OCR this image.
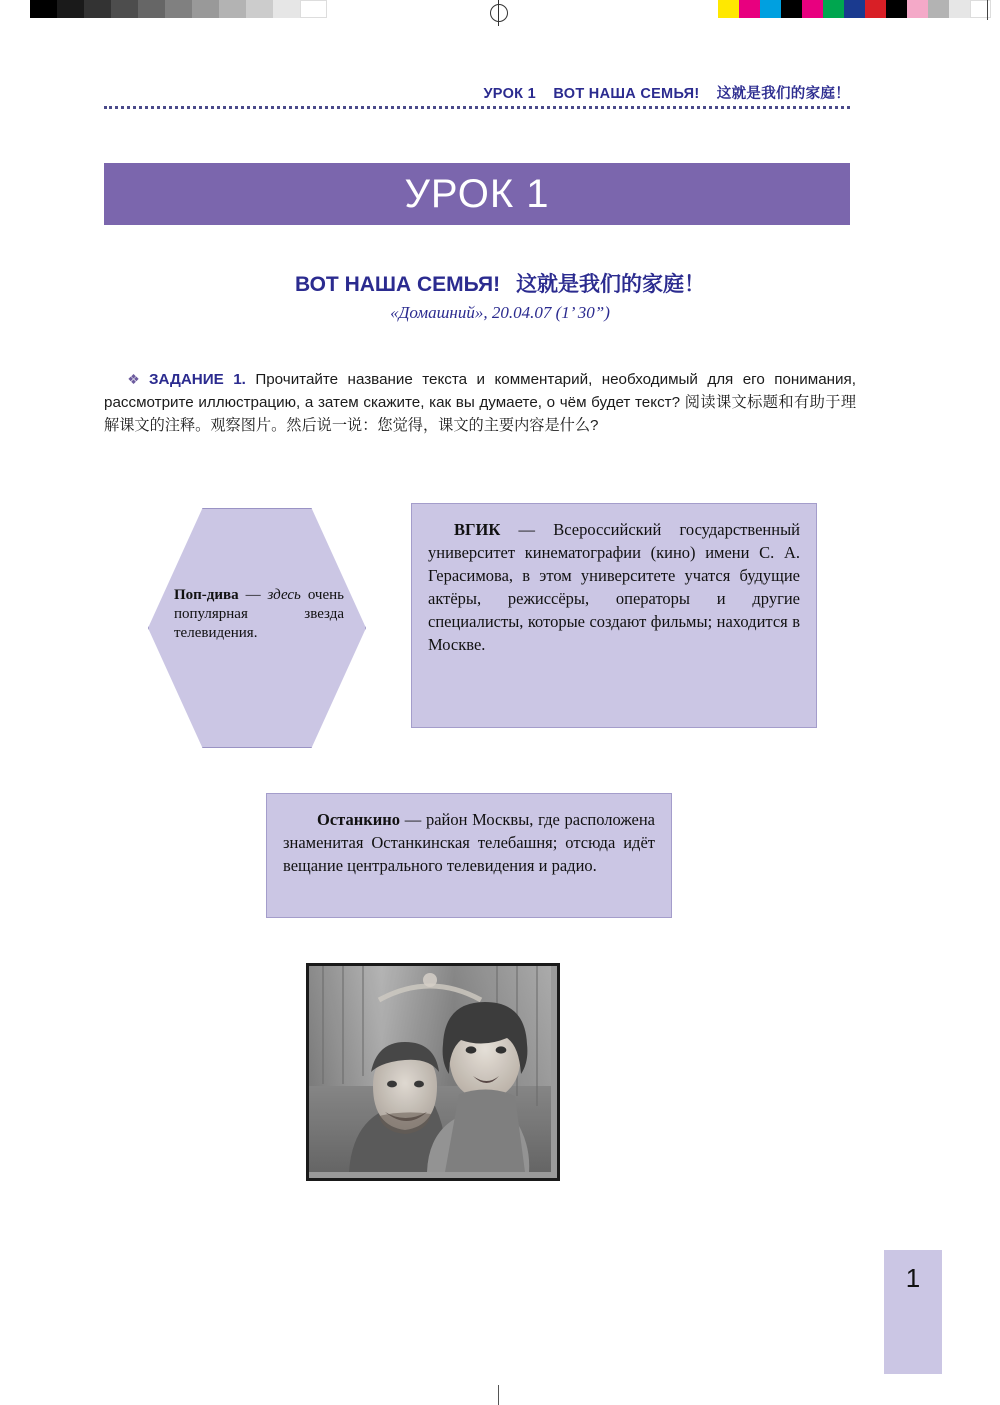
УРОК 1 ВОТ НАША СЕМЬЯ! 这就是我们的家庭！
УРОК 1
ВОТ НАША СЕМЬЯ! 这就是我们的家庭！
«Домашний», 20.04.07 (1’ 30”)
❖ ЗАДАНИЕ 1. Прочитайте название текста и комментарий, необходимый для его понимания, рассмотрите иллюстрацию, а затем скажите, как вы думаете, о чём будет текст? 阅读课文标题和有助于理解课文的注释。观察图片。然后说一说：您觉得，课文的主要内容是什么?
Поп-дива — здесь очень популярная звезда телевидения.
ВГИК — Всероссийский государственный университет кинематографии (кино) имени С. А. Герасимова, в этом университете учатся будущие актёры, режиссёры, операторы и другие специалисты, которые создают фильмы; находится в Москве.
Останкино — район Москвы, где расположена знаменитая Останкинская телебашня; отсюда идёт вещание центрального телевидения и радио.
1
